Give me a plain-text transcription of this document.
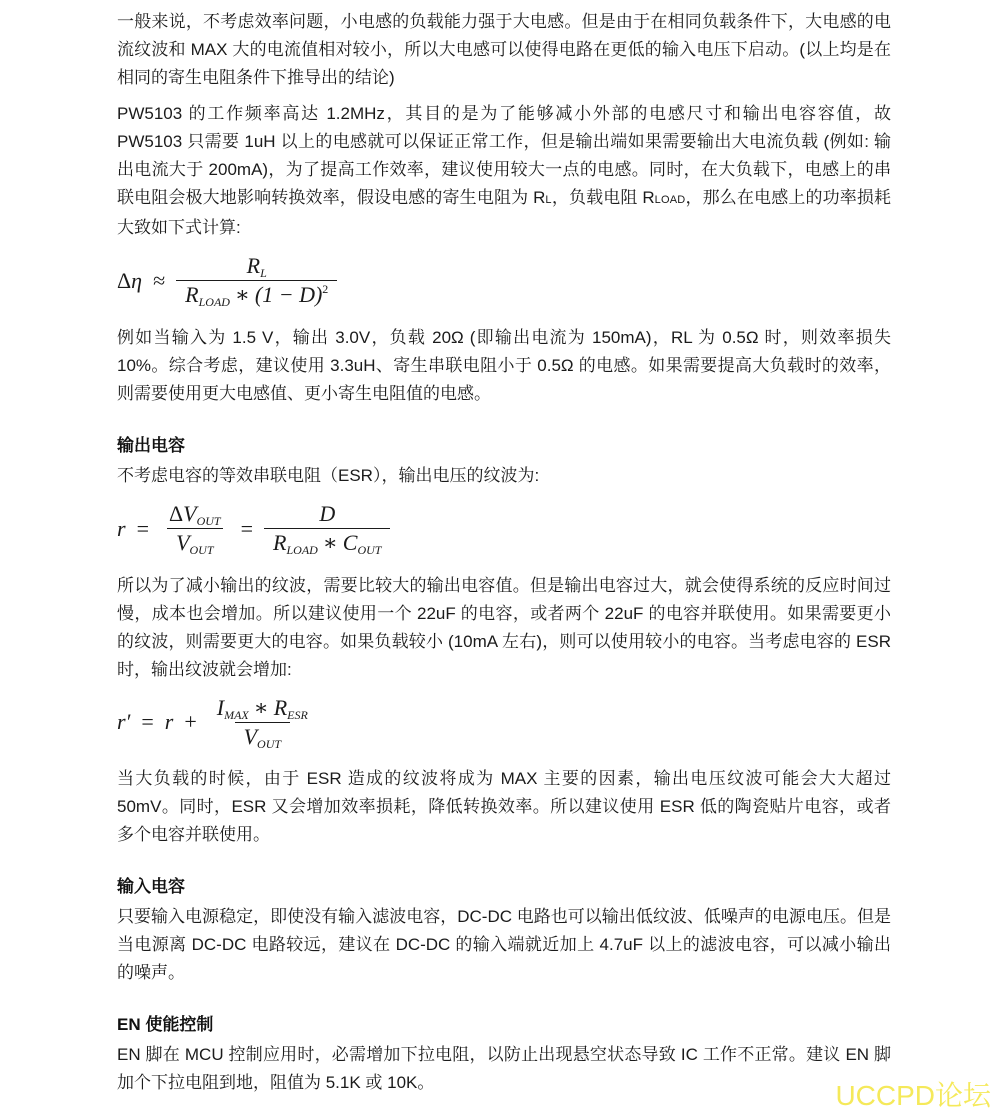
一般来说，不考虑效率问题，小电感的负载能力强于大电感。但是由于在相同负载条件下，大电感的电流纹波和 MAX 大的电流值相对较小，所以大电感可以使得电路在更低的输入电压下启动。(以上均是在相同的寄生电阻条件下推导出的结论)

PW5103 的工作频率高达 1.2MHz，其目的是为了能够减小外部的电感尺寸和输出电容容值，故 PW5103 只需要 1uH 以上的电感就可以保证正常工作，但是输出端如果需要输出大电流负载 (例如: 输出电流大于 200mA)，为了提高工作效率，建议使用较大一点的电感。同时，在大负载下，电感上的串联电阻会极大地影响转换效率，假设电感的寄生电阻为 RL，负载电阻 RLOAD，那么在电感上的功率损耗大致如下式计算:

$\Delta\eta \approx \frac{R_L}{R_{LOAD} ∗ (1 - D)^2}$

例如当输入为 1.5 V，输出 3.0V，负载 20Ω (即输出电流为 150mA)，RL 为 0.5Ω 时，则效率损失 10%。综合考虑，建议使用 3.3uH、寄生串联电阻小于 0.5Ω 的电感。如果需要提高大负载时的效率，则需要使用更大电感值、更小寄生电阻值的电感。

输出电容

不考虑电容的等效串联电阻（ESR），输出电压的纹波为:

$r = \frac{\Delta V_{OUT}}{V_{OUT}} = \frac{D}{R_{LOAD} ∗ C_{OUT}}$

所以为了减小输出的纹波，需要比较大的输出电容值。但是输出电容过大，就会使得系统的反应时间过慢，成本也会增加。所以建议使用一个 22uF 的电容，或者两个 22uF 的电容并联使用。如果需要更小的纹波，则需要更大的电容。如果负载较小 (10mA 左右)，则可以使用较小的电容。当考虑电容的 ESR 时，输出纹波就会增加:

$r' = r + \frac{I_{MAX} ∗ R_{ESR}}{V_{OUT}}$

当大负载的时候，由于 ESR 造成的纹波将成为 MAX 主要的因素，输出电压纹波可能会大大超过 50mV。同时，ESR 又会增加效率损耗，降低转换效率。所以建议使用 ESR 低的陶瓷贴片电容，或者多个电容并联使用。

输入电容

只要输入电源稳定，即使没有输入滤波电容，DC-DC 电路也可以输出低纹波、低噪声的电源电压。但是当电源离 DC-DC 电路较远，建议在 DC-DC 的输入端就近加上 4.7uF 以上的滤波电容，可以减小输出的噪声。

EN 使能控制

EN 脚在 MCU 控制应用时，必需增加下拉电阻，以防止出现悬空状态导致 IC 工作不正常。建议 EN 脚加个下拉电阻到地，阻值为 5.1K 或 10K。	UCCPD论坛
